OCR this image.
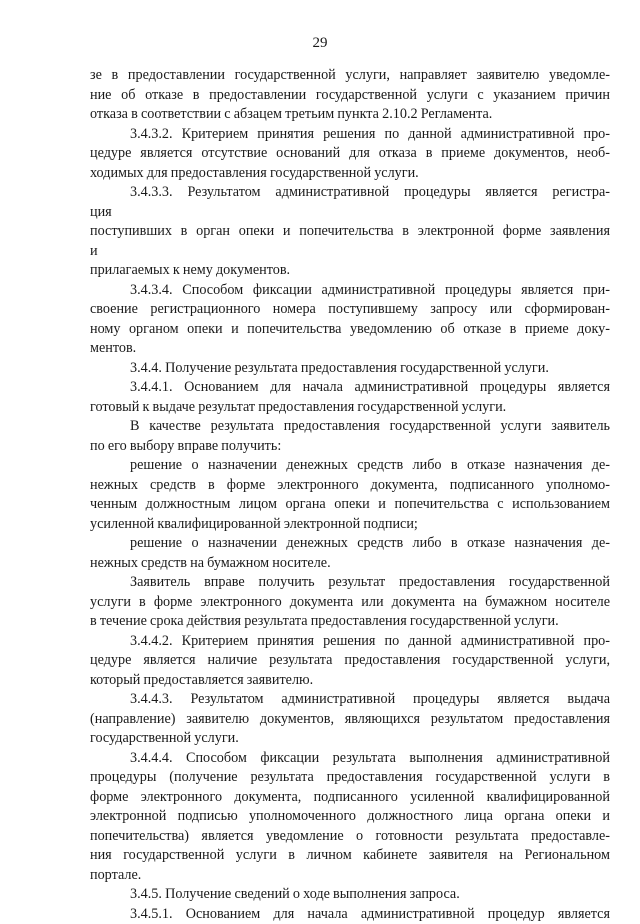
29
зе в предоставлении государственной услуги, направляет заявителю уведомле-
ние об отказе в предоставлении государственной услуги с указанием причин
отказа в соответствии с абзацем третьим пункта 2.10.2 Регламента.
3.4.3.2. Критерием принятия решения по данной административной про-
цедуре является отсутствие оснований для отказа в приеме документов, необ-
ходимых для предоставления государственной услуги.
3.4.3.3. Результатом административной процедуры является регистра-
ция
поступивших в орган опеки и попечительства в электронной форме заявления
и
прилагаемых к нему документов.
3.4.3.4. Способом фиксации административной процедуры является при-
своение регистрационного номера поступившему запросу или сформирован-
ному органом опеки и попечительства уведомлению об отказе в приеме доку-
ментов.
3.4.4. Получение результата предоставления государственной услуги.
3.4.4.1. Основанием для начала административной процедуры является
готовый к выдаче результат предоставления государственной услуги.
В качестве результата предоставления государственной услуги заявитель
по его выбору вправе получить:
решение о назначении денежных средств либо в отказе назначения де-
нежных средств в форме электронного документа, подписанного уполномо-
ченным должностным лицом органа опеки и попечительства с использованием
усиленной квалифицированной электронной подписи;
решение о назначении денежных средств либо в отказе назначения де-
нежных средств на бумажном носителе.
Заявитель вправе получить результат предоставления государственной
услуги в форме электронного документа или документа на бумажном носителе
в течение срока действия результата предоставления государственной услуги.
3.4.4.2. Критерием принятия решения по данной административной про-
цедуре является наличие результата предоставления государственной услуги,
который предоставляется заявителю.
3.4.4.3. Результатом административной процедуры является выдача
(направление) заявителю документов, являющихся результатом предоставления
государственной услуги.
3.4.4.4. Способом фиксации результата выполнения административной
процедуры (получение результата предоставления государственной услуги в
форме электронного документа, подписанного усиленной квалифицированной
электронной подписью уполномоченного должностного лица органа опеки и
попечительства) является уведомление о готовности результата предоставле-
ния государственной услуги в личном кабинете заявителя на Региональном
портале.
3.4.5. Получение сведений о ходе выполнения запроса.
3.4.5.1. Основанием для начала административной процедур является
